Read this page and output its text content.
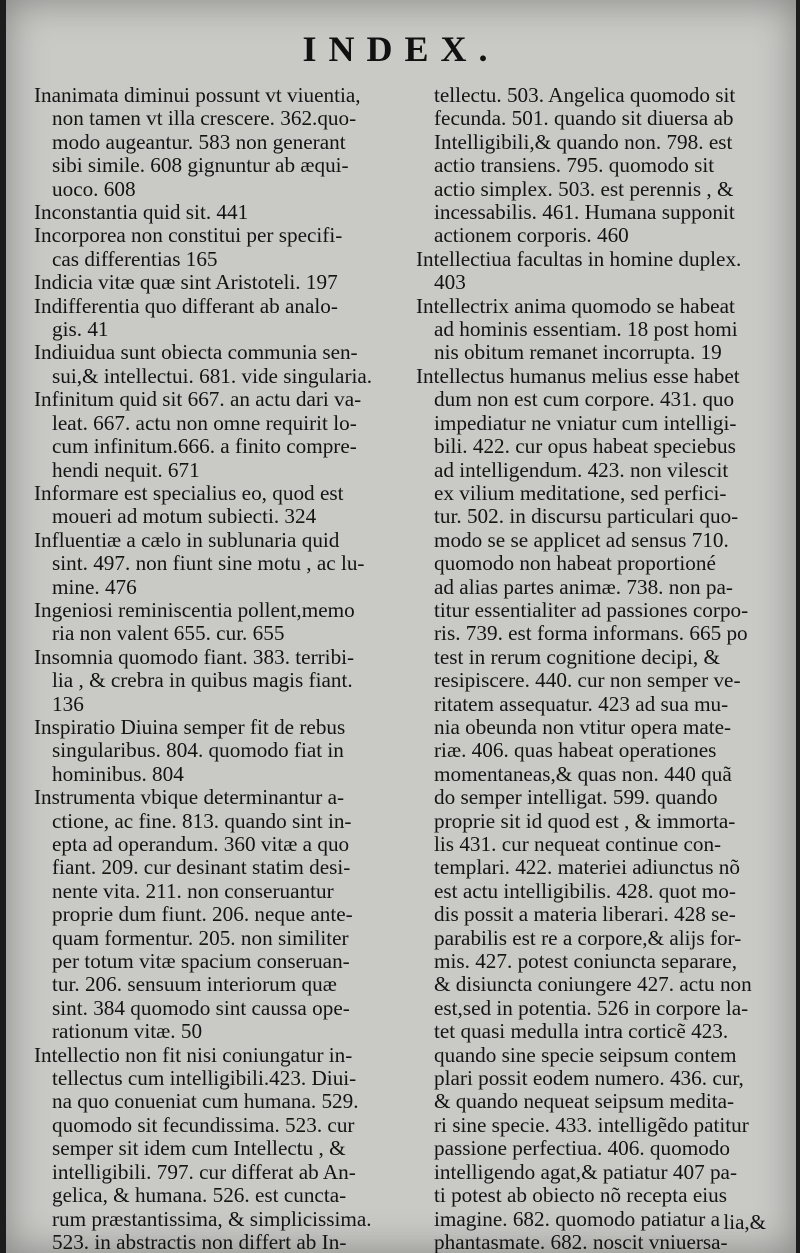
INDEX.
Inanimata diminui possunt vt viuentia,
non tamen vt illa crescere. 362.quo-
modo augeantur. 583 non generant
sibi simile. 608 gignuntur ab æqui-
uoco. 608
Inconstantia quid sit. 441
Incorporea non constitui per specifi-
cas differentias 165
Indicia vitæ quæ sint Aristoteli. 197
Indifferentia quo differant ab analo-
gis. 41
Indiuidua sunt obiecta communia sen-
sui,& intellectui. 681. vide singularia.
Infinitum quid sit 667. an actu dari va-
leat. 667. actu non omne requirit lo-
cum infinitum.666. a finito compre-
hendi nequit. 671
Informare est specialius eo, quod est
moueri ad motum subiecti. 324
Influentiæ a cælo in sublunaria quid
sint. 497. non fiunt sine motu , ac lu-
mine. 476
Ingeniosi reminiscentia pollent,memo
ria non valent 655. cur. 655
Insomnia quomodo fiant. 383. terribi-
lia , & crebra in quibus magis fiant.
136
Inspiratio Diuina semper fit de rebus
singularibus. 804. quomodo fiat in
hominibus. 804
Instrumenta vbique determinantur a-
ctione, ac fine. 813. quando sint in-
epta ad operandum. 360 vitæ a quo
fiant. 209. cur desinant statim desi-
nente vita. 211. non conseruantur
proprie dum fiunt. 206. neque ante-
quam formentur. 205. non similiter
per totum vitæ spacium conseruan-
tur. 206. sensuum interiorum quæ
sint. 384 quomodo sint caussa ope-
rationum vitæ. 50
Intellectio non fit nisi coniungatur in-
tellectus cum intelligibili.423. Diui-
na quo conueniat cum humana. 529.
quomodo sit fecundissima. 523. cur
semper sit idem cum Intellectu , &
intelligibili. 797. cur differat ab An-
gelica, & humana. 526. est cuncta-
rum præstantissima, & simplicissima.
523. in abstractis non differt ab In-
tellectu. 503. Angelica quomodo sit
fecunda. 501. quando sit diuersa ab
Intelligibili,& quando non. 798. est
actio transiens. 795. quomodo sit
actio simplex. 503. est perennis , &
incessabilis. 461. Humana supponit
actionem corporis. 460
Intellectiua facultas in homine duplex.
403
Intellectrix anima quomodo se habeat
ad hominis essentiam. 18 post homi
nis obitum remanet incorrupta. 19
Intellectus humanus melius esse habet
dum non est cum corpore. 431. quo
impediatur ne vniatur cum intelligi-
bili. 422. cur opus habeat speciebus
ad intelligendum. 423. non vilescit
ex vilium meditatione, sed perfici-
tur. 502. in discursu particulari quo-
modo se se applicet ad sensus 710.
quomodo non habeat proportioné
ad alias partes animæ. 738. non pa-
titur essentialiter ad passiones corpo-
ris. 739. est forma informans. 665 po
test in rerum cognitione decipi, &
resipiscere. 440. cur non semper ve-
ritatem assequatur. 423 ad sua mu-
nia obeunda non vtitur opera mate-
riæ. 406. quas habeat operationes
momentaneas,& quas non. 440 quã
do semper intelligat. 599. quando
proprie sit id quod est , & immorta-
lis 431. cur nequeat continue con-
templari. 422. materiei adiunctus nõ
est actu intelligibilis. 428. quot mo-
dis possit a materia liberari. 428 se-
parabilis est re a corpore,& alijs for-
mis. 427. potest coniuncta separare,
& disiuncta coniungere 427. actu non
est,sed in potentia. 526 in corpore la-
tet quasi medulla intra corticẽ 423.
quando sine specie seipsum contem
plari possit eodem numero. 436. cur,
& quando nequeat seipsum medita-
ri sine specie. 433. intelligẽdo patitur
passione perfectiua. 406. quomodo
intelligendo agat,& patiatur 407 pa-
ti potest ab obiecto nõ recepta eius
imagine. 682. quomodo patiatur a
phantasmate. 682. noscit vniuersa-
lia,&
